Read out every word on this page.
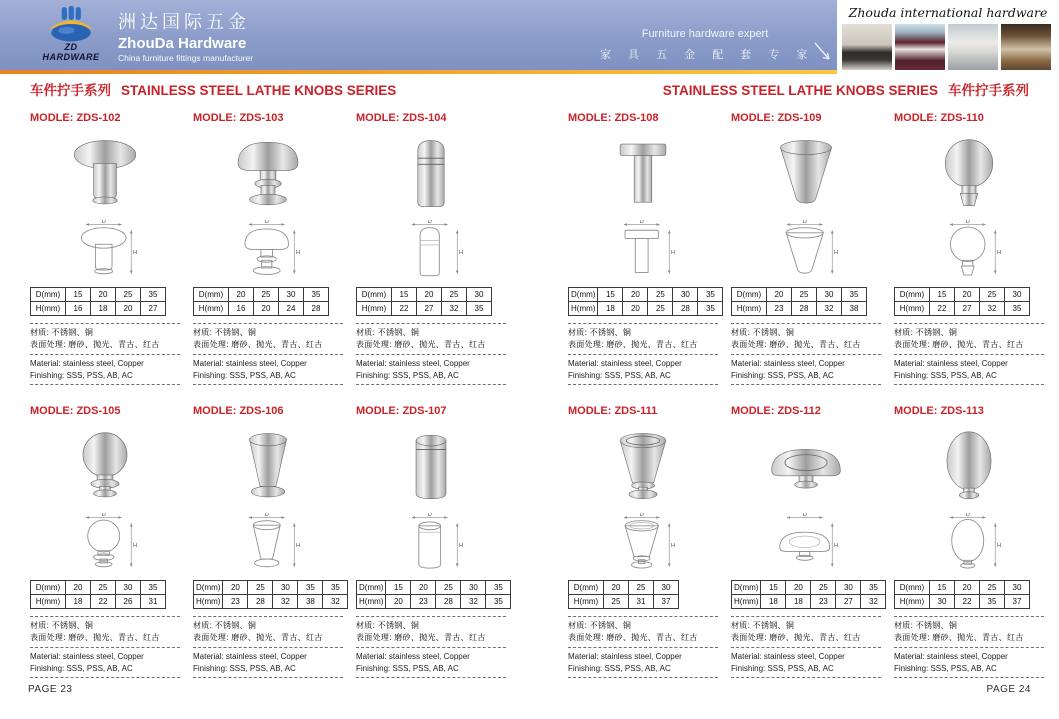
ZD HARDWARE
洲达国际五金
ZhouDa Hardware
China furniture fittings manufacturer
Furniture hardware expert
家 具 五 金 配 套 专 家
Zhouda international hardware
车件拧手系列 STAINLESS STEEL LATHE KNOBS SERIES	STAINLESS STEEL LATHE KNOBS SERIES 车件拧手系列
MODLE: ZDS-102
D
H
D(mm)	15	20	25	35
H(mm)	16	18	20	27
材质: 不锈钢、铜
表面处理: 磨砂、抛光、青古、红古
Material: stainless steel, Copper
Finishing: SSS, PSS, AB, AC
MODLE: ZDS-103
D
H
D(mm)	20	25	30	35
H(mm)	16	20	24	28
材质: 不锈钢、铜
表面处理: 磨砂、抛光、青古、红古
Material: stainless steel, Copper
Finishing: SSS, PSS, AB, AC
MODLE: ZDS-104
D
H
D(mm)	15	20	25	30
H(mm)	22	27	32	35
材质: 不锈钢、铜
表面处理: 磨砂、抛光、青古、红古
Material: stainless steel, Copper
Finishing: SSS, PSS, AB, AC
MODLE: ZDS-105
D
H
D(mm)	20	25	30	35
H(mm)	18	22	26	31
材质: 不锈钢、铜
表面处理: 磨砂、抛光、青古、红古
Material: stainless steel, Copper
Finishing: SSS, PSS, AB, AC
MODLE: ZDS-106
D
H
D(mm)	20	25	30	35	35
H(mm)	23	28	32	38	32
材质: 不锈钢、铜
表面处理: 磨砂、抛光、青古、红古
Material: stainless steel, Copper
Finishing: SSS, PSS, AB, AC
MODLE: ZDS-107
D
H
D(mm)	15	20	25	30	35
H(mm)	20	23	28	32	35
材质: 不锈钢、铜
表面处理: 磨砂、抛光、青古、红古
Material: stainless steel, Copper
Finishing: SSS, PSS, AB, AC
MODLE: ZDS-108
D
H
D(mm)	15	20	25	30	35
H(mm)	18	20	25	28	35
材质: 不锈钢、铜
表面处理: 磨砂、抛光、青古、红古
Material: stainless steel, Copper
Finishing: SSS, PSS, AB, AC
MODLE: ZDS-109
D
H
D(mm)	20	25	30	35
H(mm)	23	28	32	38
材质: 不锈钢、铜
表面处理: 磨砂、抛光、青古、红古
Material: stainless steel, Copper
Finishing: SSS, PSS, AB, AC
MODLE: ZDS-110
D
H
D(mm)	15	20	25	30
H(mm)	22	27	32	35
材质: 不锈钢、铜
表面处理: 磨砂、抛光、青古、红古
Material: stainless steel, Copper
Finishing: SSS, PSS, AB, AC
MODLE: ZDS-111
D
H
D(mm)	20	25	30
H(mm)	25	31	37
材质: 不锈钢、铜
表面处理: 磨砂、抛光、青古、红古
Material: stainless steel, Copper
Finishing: SSS, PSS, AB, AC
MODLE: ZDS-112
D
H
D(mm)	15	20	25	30	35
H(mm)	18	18	23	27	32
材质: 不锈钢、铜
表面处理: 磨砂、抛光、青古、红古
Material: stainless steel, Copper
Finishing: SSS, PSS, AB, AC
MODLE: ZDS-113
D
H
D(mm)	15	20	25	30
H(mm)	30	22	35	37
材质: 不锈钢、铜
表面处理: 磨砂、抛光、青古、红古
Material: stainless steel, Copper
Finishing: SSS, PSS, AB, AC
PAGE 23	PAGE 24
